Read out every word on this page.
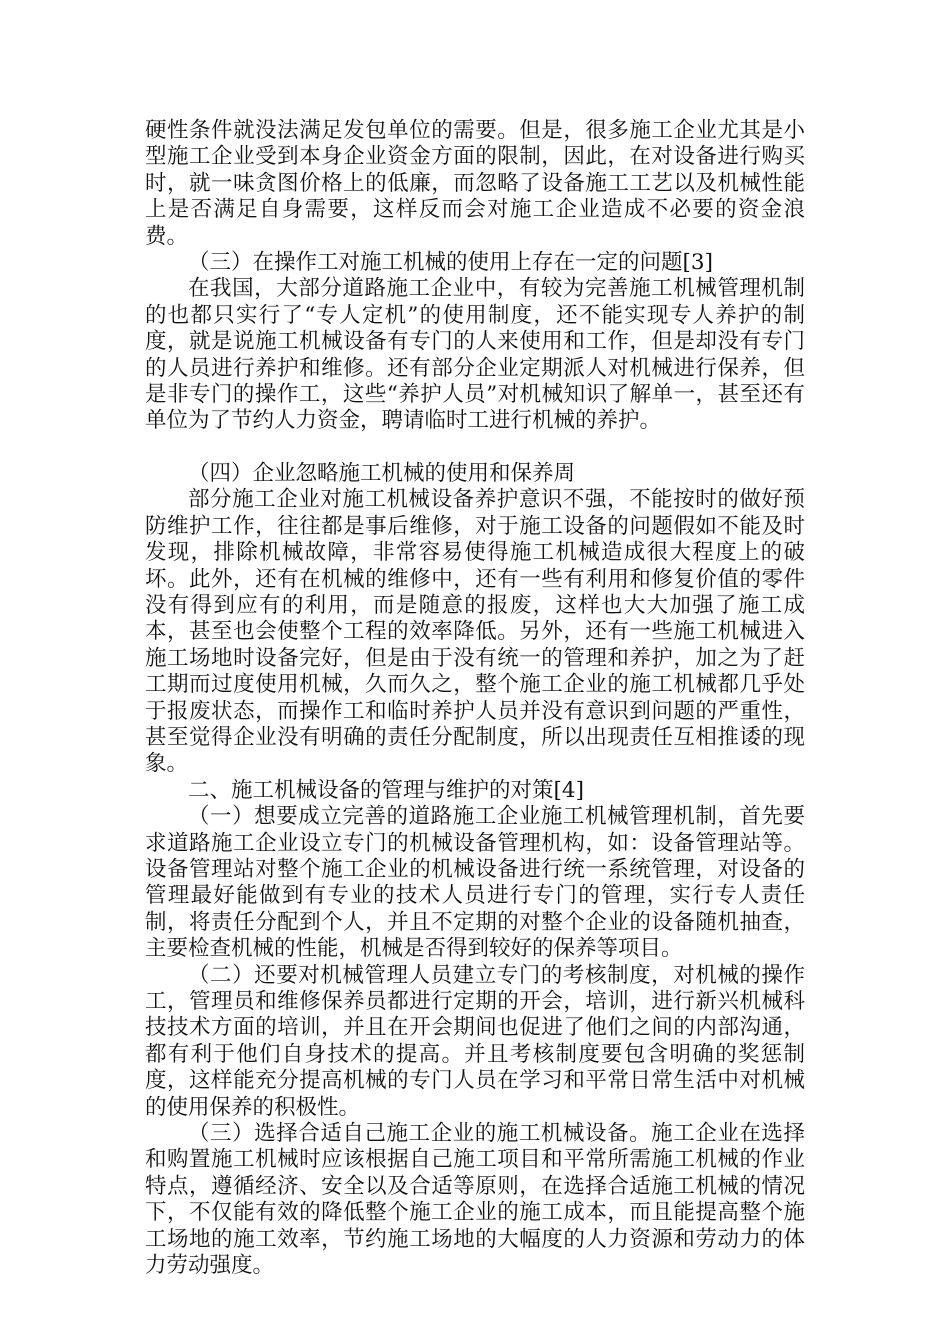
硬性条件就没法满足发包单位的需要。但是，很多施工企业尤其是小型施工企业受到本身企业资金方面的限制，因此，在对设备进行购买时，就一味贪图价格上的低廉，而忽略了设备施工工艺以及机械性能上是否满足自身需要，这样反而会对施工企业造成不必要的资金浪费。

（三）在操作工对施工机械的使用上存在一定的问题[3]

在我国，大部分道路施工企业中，有较为完善施工机械管理机制的也都只实行了“专人定机”的使用制度，还不能实现专人养护的制度，就是说施工机械设备有专门的人来使用和工作，但是却没有专门的人员进行养护和维修。还有部分企业定期派人对机械进行保养，但是非专门的操作工，这些“养护人员”对机械知识了解单一，甚至还有单位为了节约人力资金，聘请临时工进行机械的养护。

（四）企业忽略施工机械的使用和保养周

部分施工企业对施工机械设备养护意识不强，不能按时的做好预防维护工作，往往都是事后维修，对于施工设备的问题假如不能及时发现，排除机械故障，非常容易使得施工机械造成很大程度上的破坏。此外，还有在机械的维修中，还有一些有利用和修复价值的零件没有得到应有的利用，而是随意的报废，这样也大大加强了施工成本，甚至也会使整个工程的效率降低。另外，还有一些施工机械进入施工场地时设备完好，但是由于没有统一的管理和养护，加之为了赶工期而过度使用机械，久而久之，整个施工企业的施工机械都几乎处于报废状态，而操作工和临时养护人员并没有意识到问题的严重性，甚至觉得企业没有明确的责任分配制度，所以出现责任互相推诿的现象。

二、施工机械设备的管理与维护的对策[4]

（一）想要成立完善的道路施工企业施工机械管理机制，首先要求道路施工企业设立专门的机械设备管理机构，如：设备管理站等。设备管理站对整个施工企业的机械设备进行统一系统管理，对设备的管理最好能做到有专业的技术人员进行专门的管理，实行专人责任制，将责任分配到个人，并且不定期的对整个企业的设备随机抽查，主要检查机械的性能，机械是否得到较好的保养等项目。

（二）还要对机械管理人员建立专门的考核制度，对机械的操作工，管理员和维修保养员都进行定期的开会，培训，进行新兴机械科技技术方面的培训，并且在开会期间也促进了他们之间的内部沟通，都有利于他们自身技术的提高。并且考核制度要包含明确的奖惩制度，这样能充分提高机械的专门人员在学习和平常日常生活中对机械的使用保养的积极性。

（三）选择合适自己施工企业的施工机械设备。施工企业在选择和购置施工机械时应该根据自己施工项目和平常所需施工机械的作业特点，遵循经济、安全以及合适等原则，在选择合适施工机械的情况下，不仅能有效的降低整个施工企业的施工成本，而且能提高整个施工场地的施工效率，节约施工场地的大幅度的人力资源和劳动力的体力劳动强度。
